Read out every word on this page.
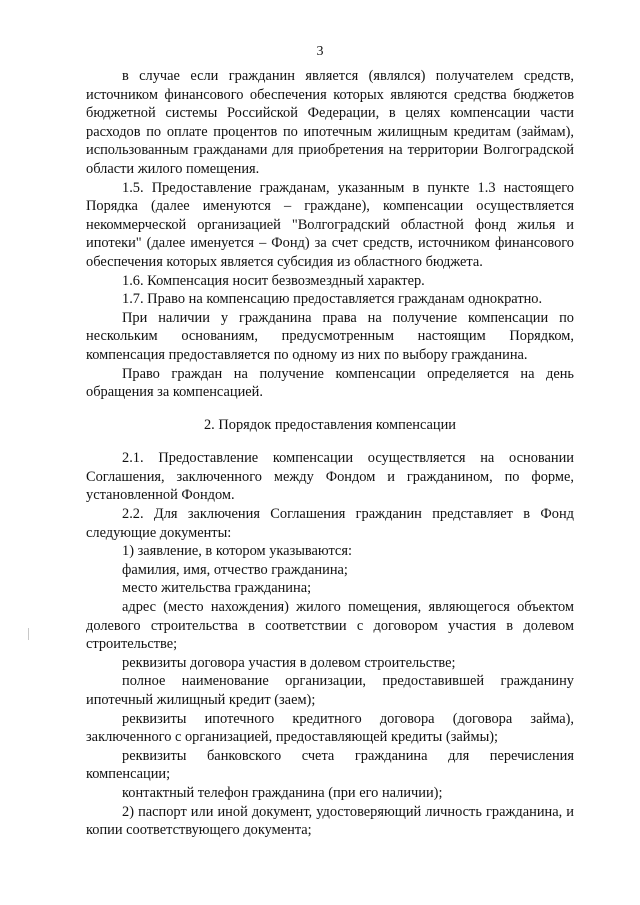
3

в случае если гражданин является (являлся) получателем средств, источником финансового обеспечения которых являются средства бюджетов бюджетной системы Российской Федерации, в целях компенсации части расходов по оплате процентов по ипотечным жилищным кредитам (займам), использованным гражданами для приобретения на территории Волгоградской области жилого помещения.

1.5. Предоставление гражданам, указанным в пункте 1.3 настоящего Порядка (далее именуются – граждане), компенсации осуществляется некоммерческой организацией "Волгоградский областной фонд жилья и ипотеки" (далее именуется – Фонд) за счет средств, источником финансового обеспечения которых является субсидия из областного бюджета.

1.6. Компенсация носит безвозмездный характер.

1.7. Право на компенсацию предоставляется гражданам однократно.

При наличии у гражданина права на получение компенсации по нескольким основаниям, предусмотренным настоящим Порядком, компенсация предоставляется по одному из них по выбору гражданина.

Право граждан на получение компенсации определяется на день обращения за компенсацией.

2. Порядок предоставления компенсации

2.1. Предоставление компенсации осуществляется на основании Соглашения, заключенного между Фондом и гражданином, по форме, установленной Фондом.

2.2. Для заключения Соглашения гражданин представляет в Фонд следующие документы:

1) заявление, в котором указываются:

фамилия, имя, отчество гражданина;

место жительства гражданина;

адрес (место нахождения) жилого помещения, являющегося объектом долевого строительства в соответствии с договором участия в долевом строительстве;

реквизиты договора участия в долевом строительстве;

полное наименование организации, предоставившей гражданину ипотечный жилищный кредит (заем);

реквизиты ипотечного кредитного договора (договора займа), заключенного с организацией, предоставляющей кредиты (займы);

реквизиты банковского счета гражданина для перечисления компенсации;

контактный телефон гражданина (при его наличии);

2) паспорт или иной документ, удостоверяющий личность гражданина, и копии соответствующего документа;
